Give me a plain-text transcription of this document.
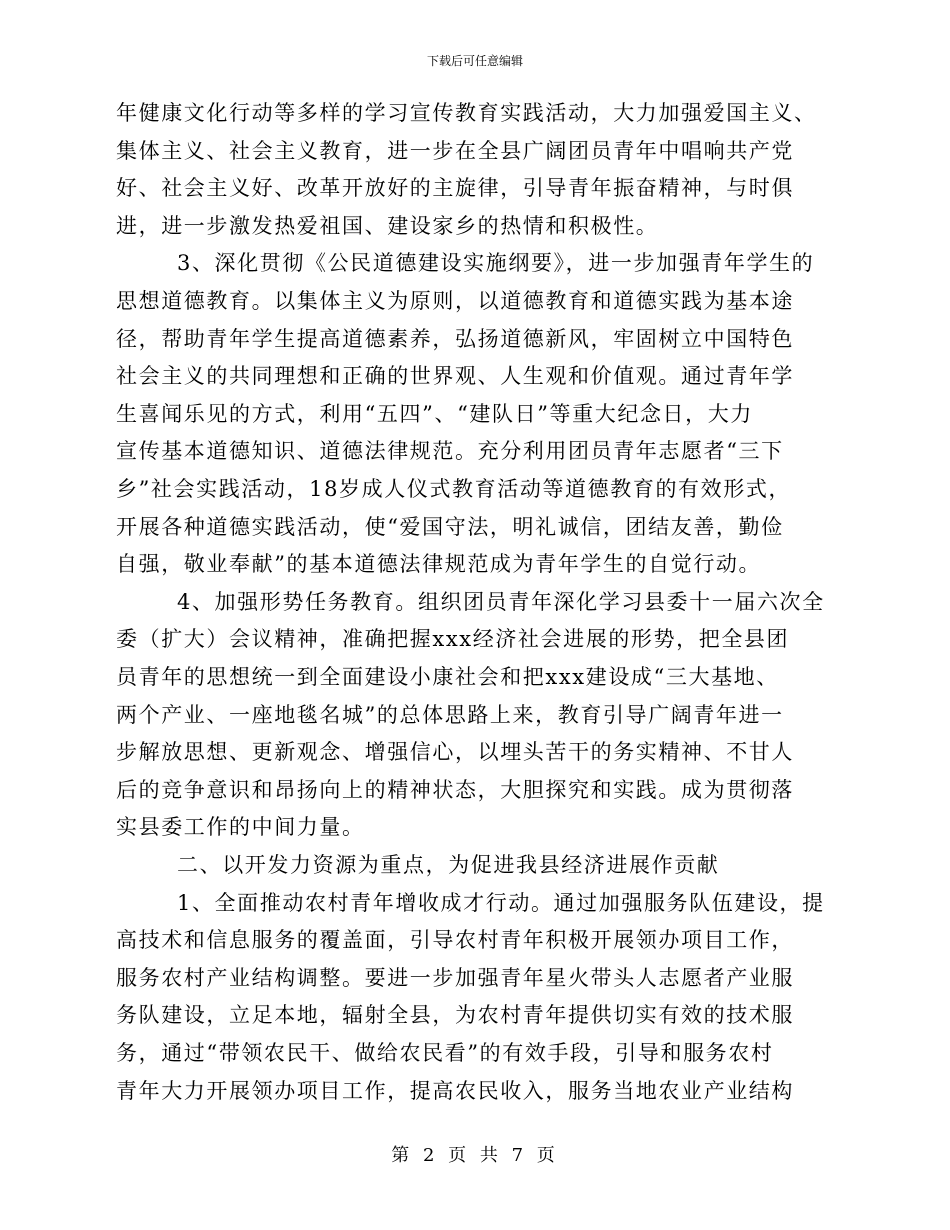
下载后可任意编辑
年健康文化行动等多样的学习宣传教育实践活动，大力加强爱国主义、
集体主义、社会主义教育，进一步在全县广阔团员青年中唱响共产党
好、社会主义好、改革开放好的主旋律，引导青年振奋精神，与时俱
进，进一步激发热爱祖国、建设家乡的热情和积极性。
3、深化贯彻《公民道德建设实施纲要》，进一步加强青年学生的
思想道德教育。以集体主义为原则，以道德教育和道德实践为基本途
径，帮助青年学生提高道德素养，弘扬道德新风，牢固树立中国特色
社会主义的共同理想和正确的世界观、人生观和价值观。通过青年学
生喜闻乐见的方式，利用“五四”、“建队日”等重大纪念日，大力
宣传基本道德知识、道德法律规范。充分利用团员青年志愿者“三下
乡”社会实践活动，18岁成人仪式教育活动等道德教育的有效形式，
开展各种道德实践活动，使“爱国守法，明礼诚信，团结友善，勤俭
自强，敬业奉献”的基本道德法律规范成为青年学生的自觉行动。
4、加强形势任务教育。组织团员青年深化学习县委十一届六次全
委（扩大）会议精神，准确把握xxx经济社会进展的形势，把全县团
员青年的思想统一到全面建设小康社会和把xxx建设成“三大基地、
两个产业、一座地毯名城”的总体思路上来，教育引导广阔青年进一
步解放思想、更新观念、增强信心，以埋头苦干的务实精神、不甘人
后的竞争意识和昂扬向上的精神状态，大胆探究和实践。成为贯彻落
实县委工作的中间力量。
二、以开发力资源为重点，为促进我县经济进展作贡献
1、全面推动农村青年增收成才行动。通过加强服务队伍建设，提
高技术和信息服务的覆盖面，引导农村青年积极开展领办项目工作，
服务农村产业结构调整。要进一步加强青年星火带头人志愿者产业服
务队建设，立足本地，辐射全县，为农村青年提供切实有效的技术服
务，通过“带领农民干、做给农民看”的有效手段，引导和服务农村
青年大力开展领办项目工作，提高农民收入，服务当地农业产业结构
第 2 页 共 7 页
